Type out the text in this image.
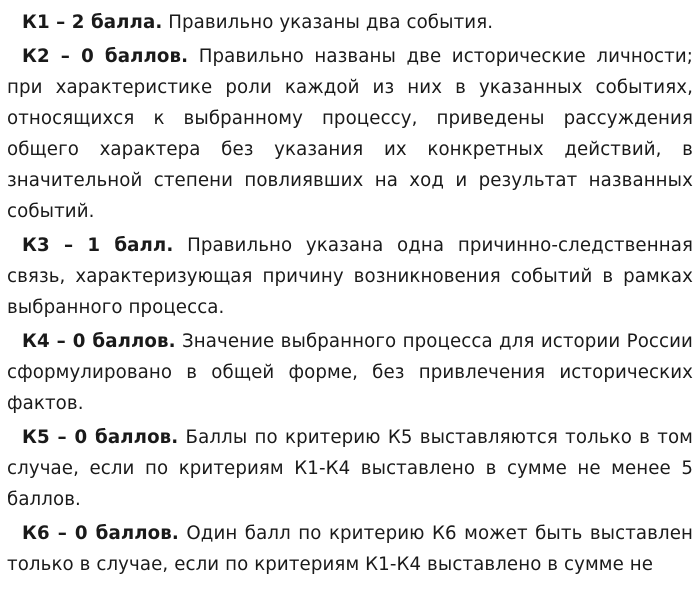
К1 – 2 балла. Правильно указаны два события.

К2 – 0 баллов. Правильно названы две исторические личности; при характеристике роли каждой из них в указанных событиях, относящихся к выбранному процессу, приведены рассуждения общего характера без указания их конкретных действий, в значительной степени повлиявших на ход и результат названных событий.

К3 – 1 балл. Правильно указана одна причинно-следственная связь, характеризующая причину возникновения событий в рамках выбранного процесса.

К4 – 0 баллов. Значение выбранного процесса для истории России сформулировано в общей форме, без привлечения исторических фактов.

К5 – 0 баллов. Баллы по критерию К5 выставляются только в том случае, если по критериям К1-К4 выставлено в сумме не менее 5 баллов.

К6 – 0 баллов. Один балл по критерию К6 может быть выставлен только в случае, если по критериям К1-К4 выставлено в сумме не
